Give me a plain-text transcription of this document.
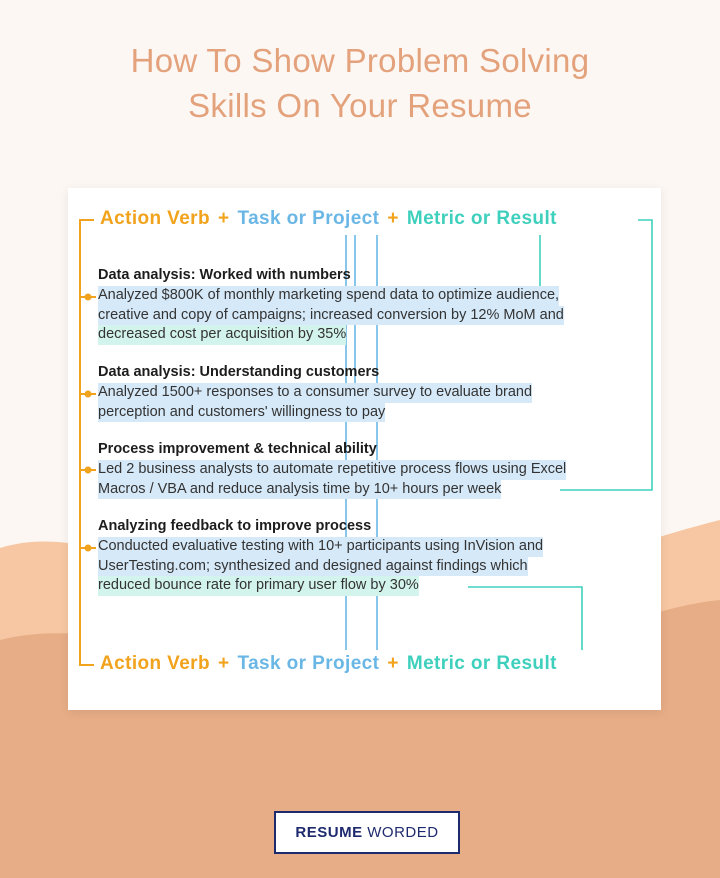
How To Show Problem Solving
Skills On Your Resume
Action Verb + Task or Project + Metric or Result
Data analysis: Worked with numbers
Analyzed $800K of monthly marketing spend data to optimize audience, creative and copy of campaigns; increased conversion by 12% MoM and decreased cost per acquisition by 35%
Data analysis: Understanding customers
Analyzed 1500+ responses to a consumer survey to evaluate brand perception and customers' willingness to pay
Process improvement & technical ability
Led 2 business analysts to automate repetitive process flows using Excel Macros / VBA and reduce analysis time by 10+ hours per week
Analyzing feedback to improve process
Conducted evaluative testing with 10+ participants using InVision and UserTesting.com; synthesized and designed against findings which reduced bounce rate for primary user flow by 30%
Action Verb + Task or Project + Metric or Result
RESUME WORDED
